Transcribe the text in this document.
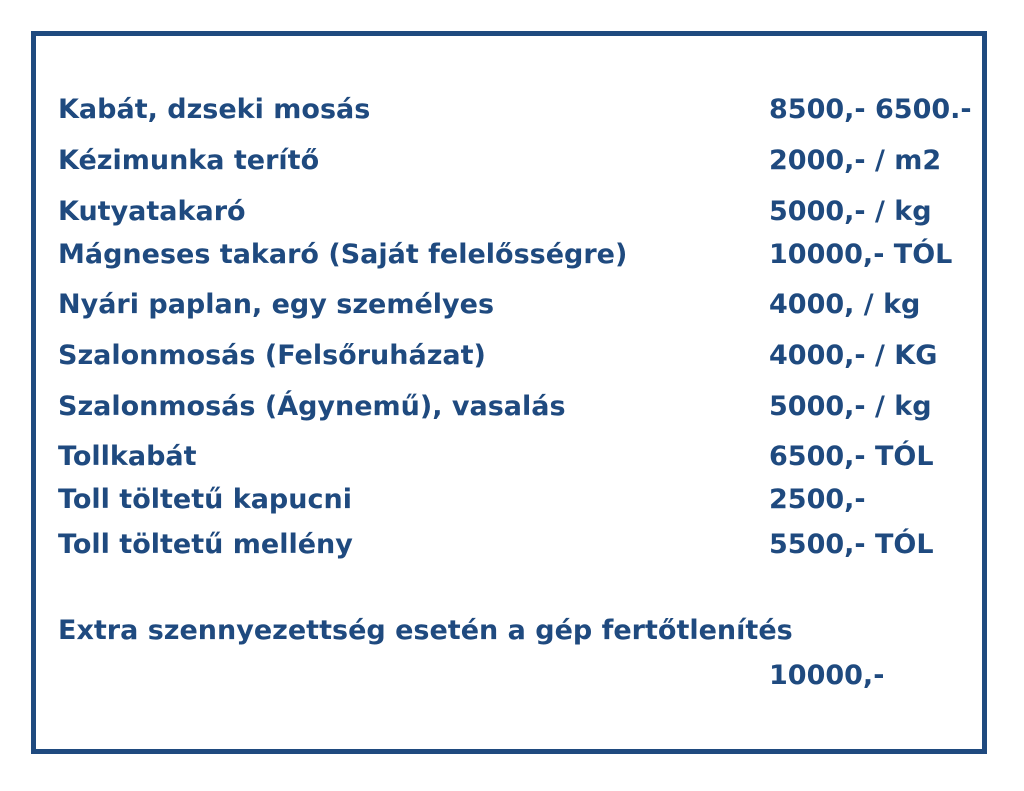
Kabát, dzseki mosás	8500,- 6500.-
Kézimunka terítő	2000,- / m2
Kutyatakaró	5000,- / kg
Mágneses takaró (Saját felelősségre)	10000,- TÓL
Nyári paplan, egy személyes	4000, / kg
Szalonmosás (Felsőruházat)	4000,- / KG
Szalonmosás (Ágynemű), vasalás	5000,- / kg
Tollkabát	6500,- TÓL
Toll töltetű kapucni	2500,-
Toll töltetű mellény	5500,- TÓL
Extra szennyezettség esetén a gép fertőtlenítés
10000,-
